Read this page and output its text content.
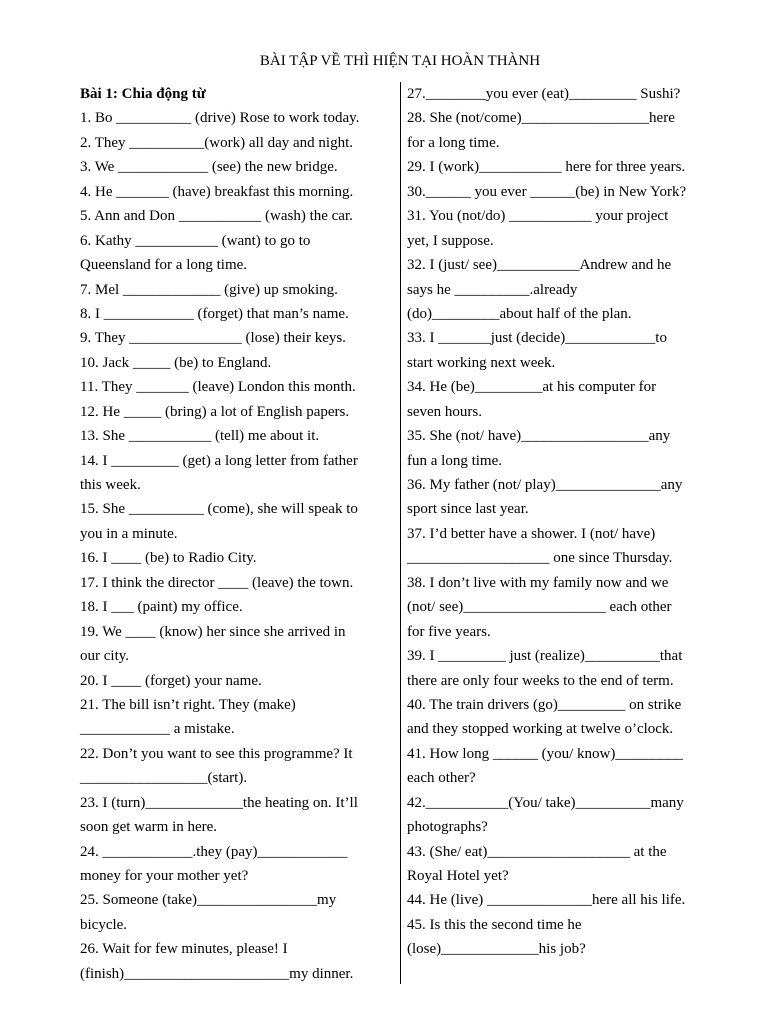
BÀI TẬP VỀ THÌ HIỆN TẠI HOÀN THÀNH
Bài 1: Chia động từ
1. Bo __________ (drive) Rose to work today.
2. They __________(work) all day and night.
3. We ____________ (see) the new bridge.
4. He _______ (have) breakfast this morning.
5. Ann and Don ___________ (wash) the car.
6. Kathy ___________ (want) to go to
Queensland for a long time.
7. Mel _____________ (give) up smoking.
8. I ____________ (forget) that man’s name.
9. They _______________ (lose) their keys.
10. Jack _____ (be) to England.
11. They _______ (leave) London this month.
12. He _____ (bring) a lot of English papers.
13. She ___________ (tell) me about it.
14. I _________ (get) a long letter from father
this week.
15. She __________ (come), she will speak to
you in a minute.
16. I ____ (be) to Radio City.
17. I think the director ____ (leave) the town.
18. I ___ (paint) my office.
19. We ____ (know) her since she arrived in
our city.
20. I ____ (forget) your name.
21. The bill isn’t right. They (make)
____________ a mistake.
22. Don’t you want to see this programme? It
_________________(start).
23. I (turn)_____________the heating on. It’ll
soon get warm in here.
24. ____________.they (pay)____________
money for your mother yet?
25. Someone (take)________________my
bicycle.
26. Wait for few minutes, please! I
(finish)______________________my dinner.
27.________you ever (eat)_________ Sushi?
28. She (not/come)_________________here
for a long time.
29. I (work)___________ here for three years.
30.______ you ever ______(be) in New York?
31. You (not/do) ___________ your project
yet, I suppose.
32. I (just/ see)___________Andrew and he
says he __________.already
(do)_________about half of the plan.
33. I _______just (decide)____________to
start working next week.
34. He (be)_________at his computer for
seven hours.
35. She (not/ have)_________________any
fun a long time.
36. My father (not/ play)______________any
sport since last year.
37. I’d better have a shower. I (not/ have)
___________________ one since Thursday.
38. I don’t live with my family now and we
(not/ see)___________________ each other
for five years.
39. I _________ just (realize)__________that
there are only four weeks to the end of term.
40. The train drivers (go)_________ on strike
and they stopped working at twelve o’clock.
41. How long ______ (you/ know)_________
each other?
42.___________(You/ take)__________many
photographs?
43. (She/ eat)___________________ at the
Royal Hotel yet?
44. He (live) ______________here all his life.
45. Is this the second time he
(lose)_____________his job?
